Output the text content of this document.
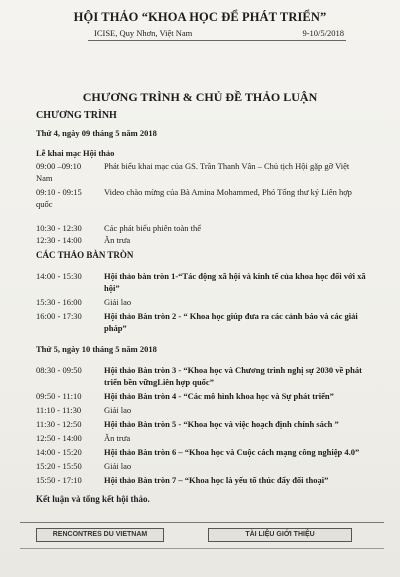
HỘI THẢO “KHOA HỌC ĐỂ PHÁT TRIỂN”
ICISE, Quy Nhơn, Việt Nam	9-10/5/2018
CHƯƠNG TRÌNH & CHỦ ĐỀ THẢO LUẬN
CHƯƠNG TRÌNH
Thứ 4, ngày 09 tháng 5 năm 2018
Lễ khai mạc Hội thảo
09:00 –09:10	Phát biểu khai mạc của GS. Trần Thanh Vân – Chủ tịch Hội gặp gỡ Việt Nam
09:10 - 09:15	Video chào mừng của Bà Amina Mohammed, Phó Tổng thư ký Liên hợp quốc
10:30 - 12:30	Các phát biểu phiên toàn thể
12:30 - 14:00	Ăn trưa
CÁC THẢO BÀN TRÒN
14:00 - 15:30	Hội thảo bàn tròn 1-“Tác động xã hội và kinh tế của khoa học đối với xã hội”
15:30 - 16:00	Giải lao
16:00 - 17:30	Hội thảo Bàn tròn 2 - “ Khoa học giúp đưa ra các cảnh báo và các giải pháp”
Thứ 5, ngày 10 tháng 5 năm 2018
08:30 - 09:50	Hội thảo Bàn tròn 3 - “Khoa học và Chương trình nghị sự 2030 về phát triển bền vữngLiên hợp quốc”
09:50 - 11:10	Hội thảo Bàn tròn 4 - “Các mô hình khoa học và Sự phát triển”
11:10 - 11:30	Giải lao
11:30 - 12:50	Hội thảo Bàn tròn 5 - “Khoa học và việc hoạch định chính sách ”
12:50 - 14:00	Ăn trưa
14:00 - 15:20	Hội thảo Bàn tròn 6 – “Khoa học và Cuộc cách mạng công nghiệp 4.0”
15:20 - 15:50	Giải lao
15:50 - 17:10	Hội thảo Bàn tròn 7 – “Khoa học là yếu tố thúc đẩy đối thoại”
Kết luận và tổng kết hội thảo.
RENCONTRES DU VIETNAM	TÀI LIỆU GIỚI THIỆU
